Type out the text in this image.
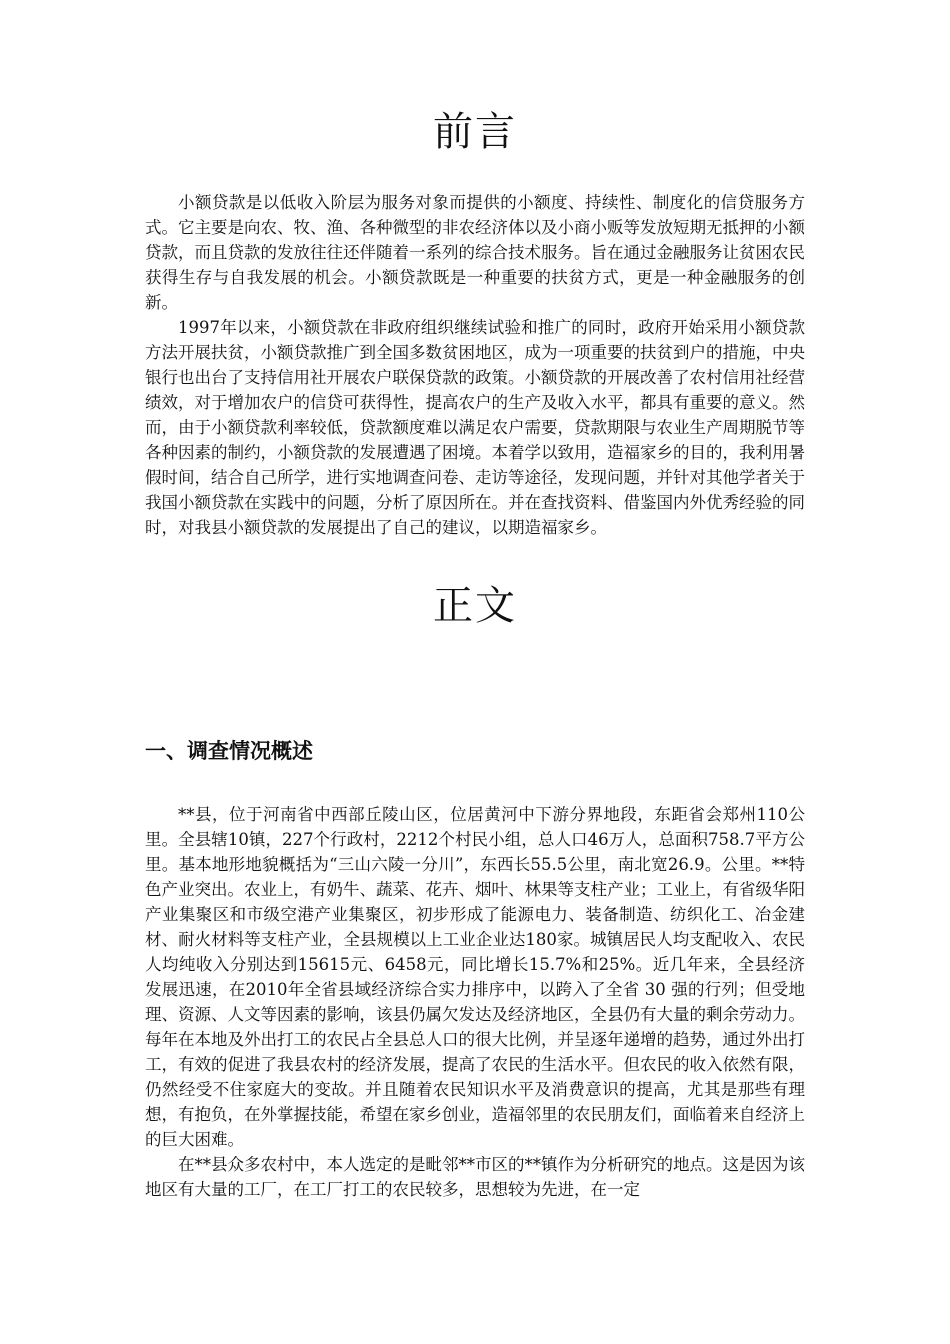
前言

小额贷款是以低收入阶层为服务对象而提供的小额度、持续性、制度化的信贷服务方式。它主要是向农、牧、渔、各种微型的非农经济体以及小商小贩等发放短期无抵押的小额贷款，而且贷款的发放往往还伴随着一系列的综合技术服务。旨在通过金融服务让贫困农民获得生存与自我发展的机会。小额贷款既是一种重要的扶贫方式，更是一种金融服务的创新。

1997年以来，小额贷款在非政府组织继续试验和推广的同时，政府开始采用小额贷款方法开展扶贫，小额贷款推广到全国多数贫困地区，成为一项重要的扶贫到户的措施，中央银行也出台了支持信用社开展农户联保贷款的政策。小额贷款的开展改善了农村信用社经营绩效，对于增加农户的信贷可获得性，提高农户的生产及收入水平，都具有重要的意义。然而，由于小额贷款利率较低，贷款额度难以满足农户需要，贷款期限与农业生产周期脱节等各种因素的制约，小额贷款的发展遭遇了困境。本着学以致用，造福家乡的目的，我利用暑假时间，结合自己所学，进行实地调查问卷、走访等途径，发现问题，并针对其他学者关于我国小额贷款在实践中的问题，分析了原因所在。并在查找资料、借鉴国内外优秀经验的同时，对我县小额贷款的发展提出了自己的建议，以期造福家乡。

正文
一、调查情况概述

**县，位于河南省中西部丘陵山区，位居黄河中下游分界地段，东距省会郑州110公里。全县辖10镇，227个行政村，2212个村民小组，总人口46万人，总面积758.7平方公里。基本地形地貌概括为“三山六陵一分川”，东西长55.5公里，南北宽26.9。公里。**特色产业突出。农业上，有奶牛、蔬菜、花卉、烟叶、林果等支柱产业；工业上，有省级华阳产业集聚区和市级空港产业集聚区，初步形成了能源电力、装备制造、纺织化工、冶金建材、耐火材料等支柱产业，全县规模以上工业企业达180家。城镇居民人均支配收入、农民人均纯收入分别达到15615元、6458元，同比增长15.7%和25%。近几年来，全县经济发展迅速，在2010年全省县域经济综合实力排序中，以跨入了全省 30 强的行列；但受地理、资源、人文等因素的影响，该县仍属欠发达及经济地区，全县仍有大量的剩余劳动力。每年在本地及外出打工的农民占全县总人口的很大比例，并呈逐年递增的趋势，通过外出打工，有效的促进了我县农村的经济发展，提高了农民的生活水平。但农民的收入依然有限，仍然经受不住家庭大的变故。并且随着农民知识水平及消费意识的提高，尤其是那些有理想，有抱负，在外掌握技能，希望在家乡创业，造福邻里的农民朋友们，面临着来自经济上的巨大困难。

在**县众多农村中，本人选定的是毗邻**市区的**镇作为分析研究的地点。这是因为该地区有大量的工厂，在工厂打工的农民较多，思想较为先进，在一定
